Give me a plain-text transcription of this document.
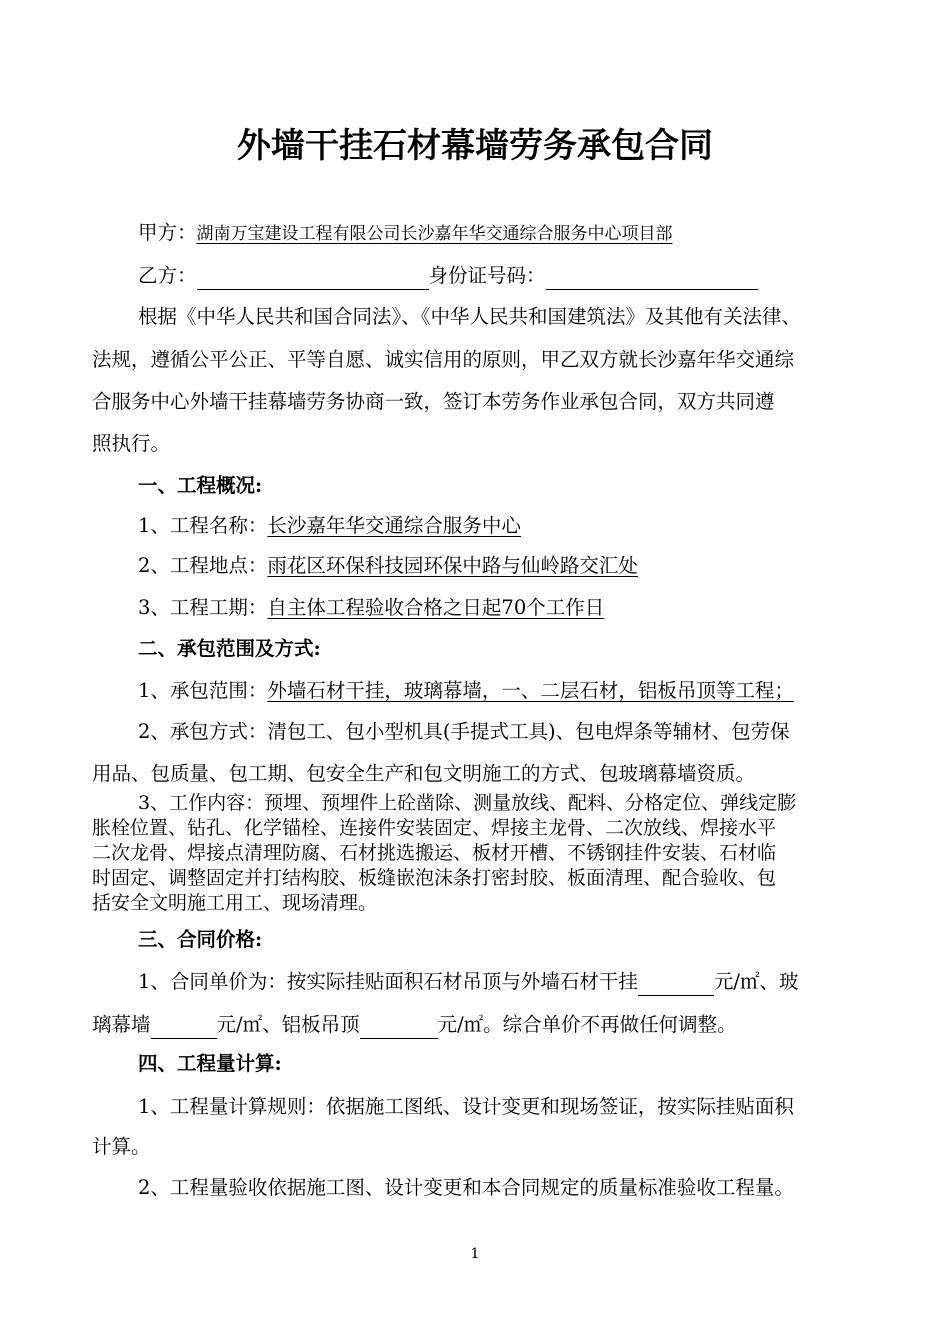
外墙干挂石材幕墙劳务承包合同
甲方：湖南万宝建设工程有限公司长沙嘉年华交通综合服务中心项目部
乙方：	身份证号码：
根据《中华人民共和国合同法》、《中华人民共和国建筑法》及其他有关法律、
法规，遵循公平公正、平等自愿、诚实信用的原则，甲乙双方就长沙嘉年华交通综
合服务中心外墙干挂幕墙劳务协商一致，签订本劳务作业承包合同，双方共同遵
照执行。
一、工程概况:
1、工程名称：长沙嘉年华交通综合服务中心
2、工程地点：雨花区环保科技园环保中路与仙岭路交汇处
3、工程工期：自主体工程验收合格之日起70个工作日
二、承包范围及方式:
1、承包范围：外墙石材干挂，玻璃幕墙，一、二层石材，铝板吊顶等工程；
2、承包方式：清包工、包小型机具(手提式工具)、包电焊条等辅材、包劳保
用品、包质量、包工期、包安全生产和包文明施工的方式、包玻璃幕墙资质。
3、工作内容：预埋、预埋件上砼凿除、测量放线、配料、分格定位、弹线定膨
胀栓位置、钻孔、化学锚栓、连接件安装固定、焊接主龙骨、二次放线、焊接水平
二次龙骨、焊接点清理防腐、石材挑选搬运、板材开槽、不锈钢挂件安装、石材临
时固定、调整固定并打结构胶、板缝嵌泡沫条打密封胶、板面清理、配合验收、包
括安全文明施工用工、现场清理。
三、合同价格:
1、合同单价为：按实际挂贴面积石材吊顶与外墙石材干挂	元/㎡、玻
璃幕墙	元/㎡、铝板吊顶	元/㎡。综合单价不再做任何调整。
四、工程量计算:
1、工程量计算规则：依据施工图纸、设计变更和现场签证，按实际挂贴面积
计算。
2、工程量验收依据施工图、设计变更和本合同规定的质量标准验收工程量。
1
